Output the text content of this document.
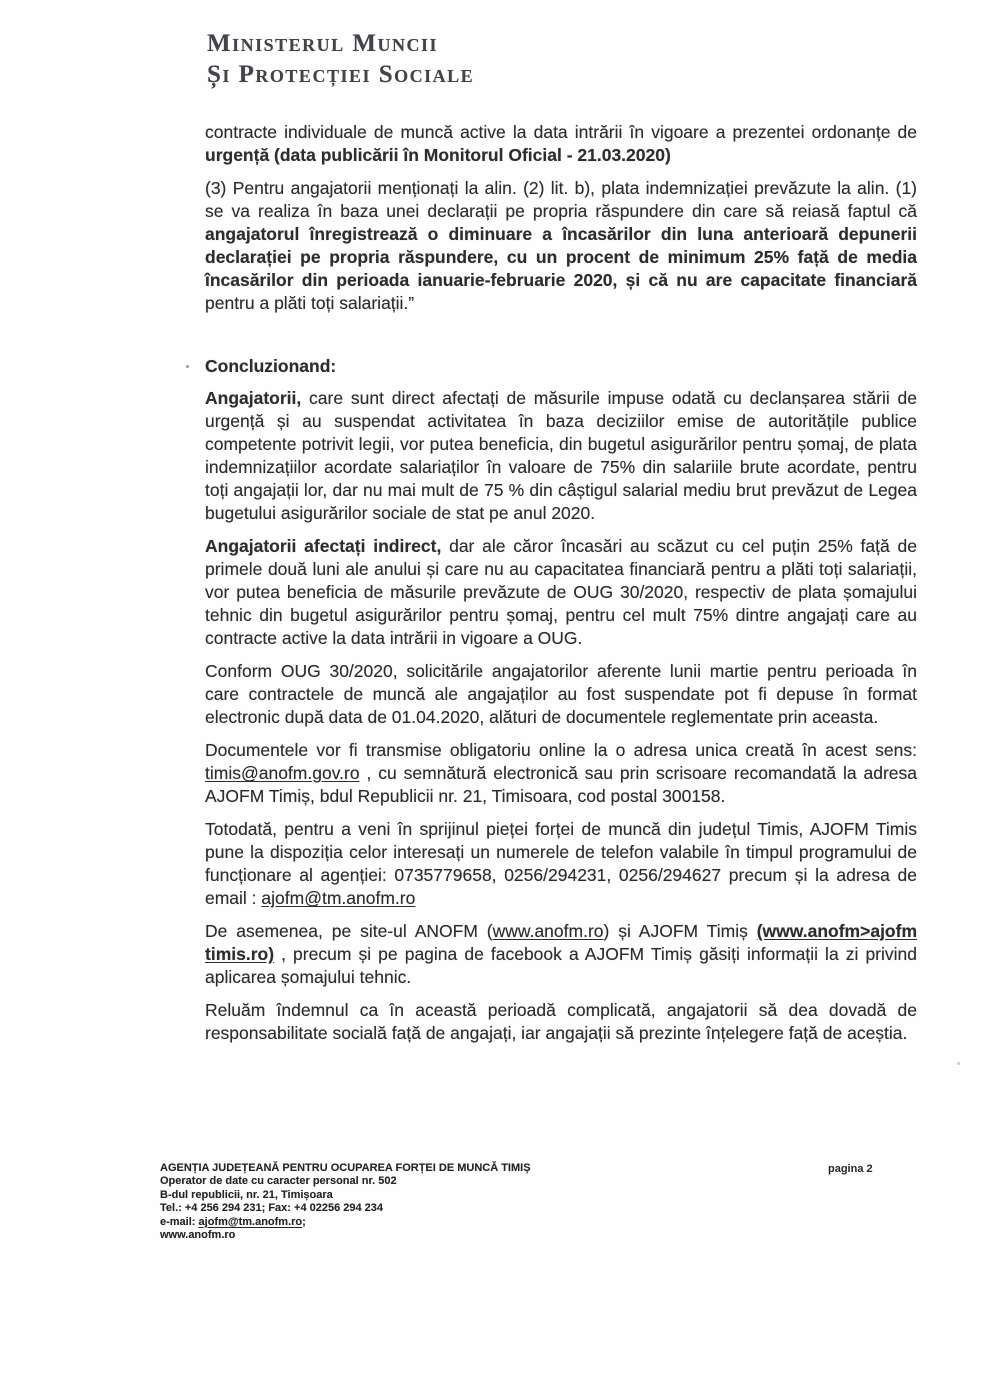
Ministerul Muncii
Și Protecției Sociale

contracte individuale de muncă active la data intrării în vigoare a prezentei ordonanțe de urgență (data publicării în Monitorul Oficial - 21.03.2020)

(3) Pentru angajatorii menționați la alin. (2) lit. b), plata indemnizației prevăzute la alin. (1) se va realiza în baza unei declarații pe propria răspundere din care să reiasă faptul că angajatorul înregistrează o diminuare a încasărilor din luna anterioară depunerii declarației pe propria răspundere, cu un procent de minimum 25% față de media încasărilor din perioada ianuarie-februarie 2020, și că nu are capacitate financiară pentru a plăti toți salariații.”

Concluzionand:

Angajatorii, care sunt direct afectați de măsurile impuse odată cu declanșarea stării de urgență și au suspendat activitatea în baza deciziilor emise de autoritățile publice competente potrivit legii, vor putea beneficia, din bugetul asigurărilor pentru șomaj, de plata indemnizațiilor acordate salariaților în valoare de 75% din salariile brute acordate, pentru toți angajații lor, dar nu mai mult de 75 % din câștigul salarial mediu brut prevăzut de Legea bugetului asigurărilor sociale de stat pe anul 2020.

Angajatorii afectați indirect, dar ale căror încasări au scăzut cu cel puțin 25% față de primele două luni ale anului și care nu au capacitatea financiară pentru a plăti toți salariații, vor putea beneficia de măsurile prevăzute de OUG 30/2020, respectiv de plata șomajului tehnic din bugetul asigurărilor pentru șomaj, pentru cel mult 75% dintre angajați care au contracte active la data intrării in vigoare a OUG.

Conform OUG 30/2020, solicitările angajatorilor aferente lunii martie pentru perioada în care contractele de muncă ale angajaților au fost suspendate pot fi depuse în format electronic după data de 01.04.2020, alături de documentele reglementate prin aceasta.

Documentele vor fi transmise obligatoriu online la o adresa unica creată în acest sens: timis@anofm.gov.ro , cu semnătură electronică sau prin scrisoare recomandată la adresa AJOFM Timiș, bdul Republicii nr. 21, Timisoara, cod postal 300158.

Totodată, pentru a veni în sprijinul pieței forței de muncă din județul Timis, AJOFM Timis pune la dispoziția celor interesați un numerele de telefon valabile în timpul programului de funcționare al agenției: 0735779658, 0256/294231, 0256/294627 precum și la adresa de email : ajofm@tm.anofm.ro

De asemenea, pe site-ul ANOFM (www.anofm.ro) și AJOFM Timiș (www.anofm>ajofm timis.ro) , precum și pe pagina de facebook a AJOFM Timiș găsiți informații la zi privind aplicarea șomajului tehnic.

Reluăm îndemnul ca în această perioadă complicată, angajatorii să dea dovadă de responsabilitate socială față de angajați, iar angajații să prezinte înțelegere față de aceștia.

AGENȚIA JUDEȚEANĂ PENTRU OCUPAREA FORȚEI DE MUNCĂ TIMIȘ
Operator de date cu caracter personal nr. 502
B-dul republicii, nr. 21, Timișoara
Tel.: +4 256 294 231; Fax: +4 02256 294 234
e-mail: ajofm@tm.anofm.ro;
www.anofm.ro
pagina 2
